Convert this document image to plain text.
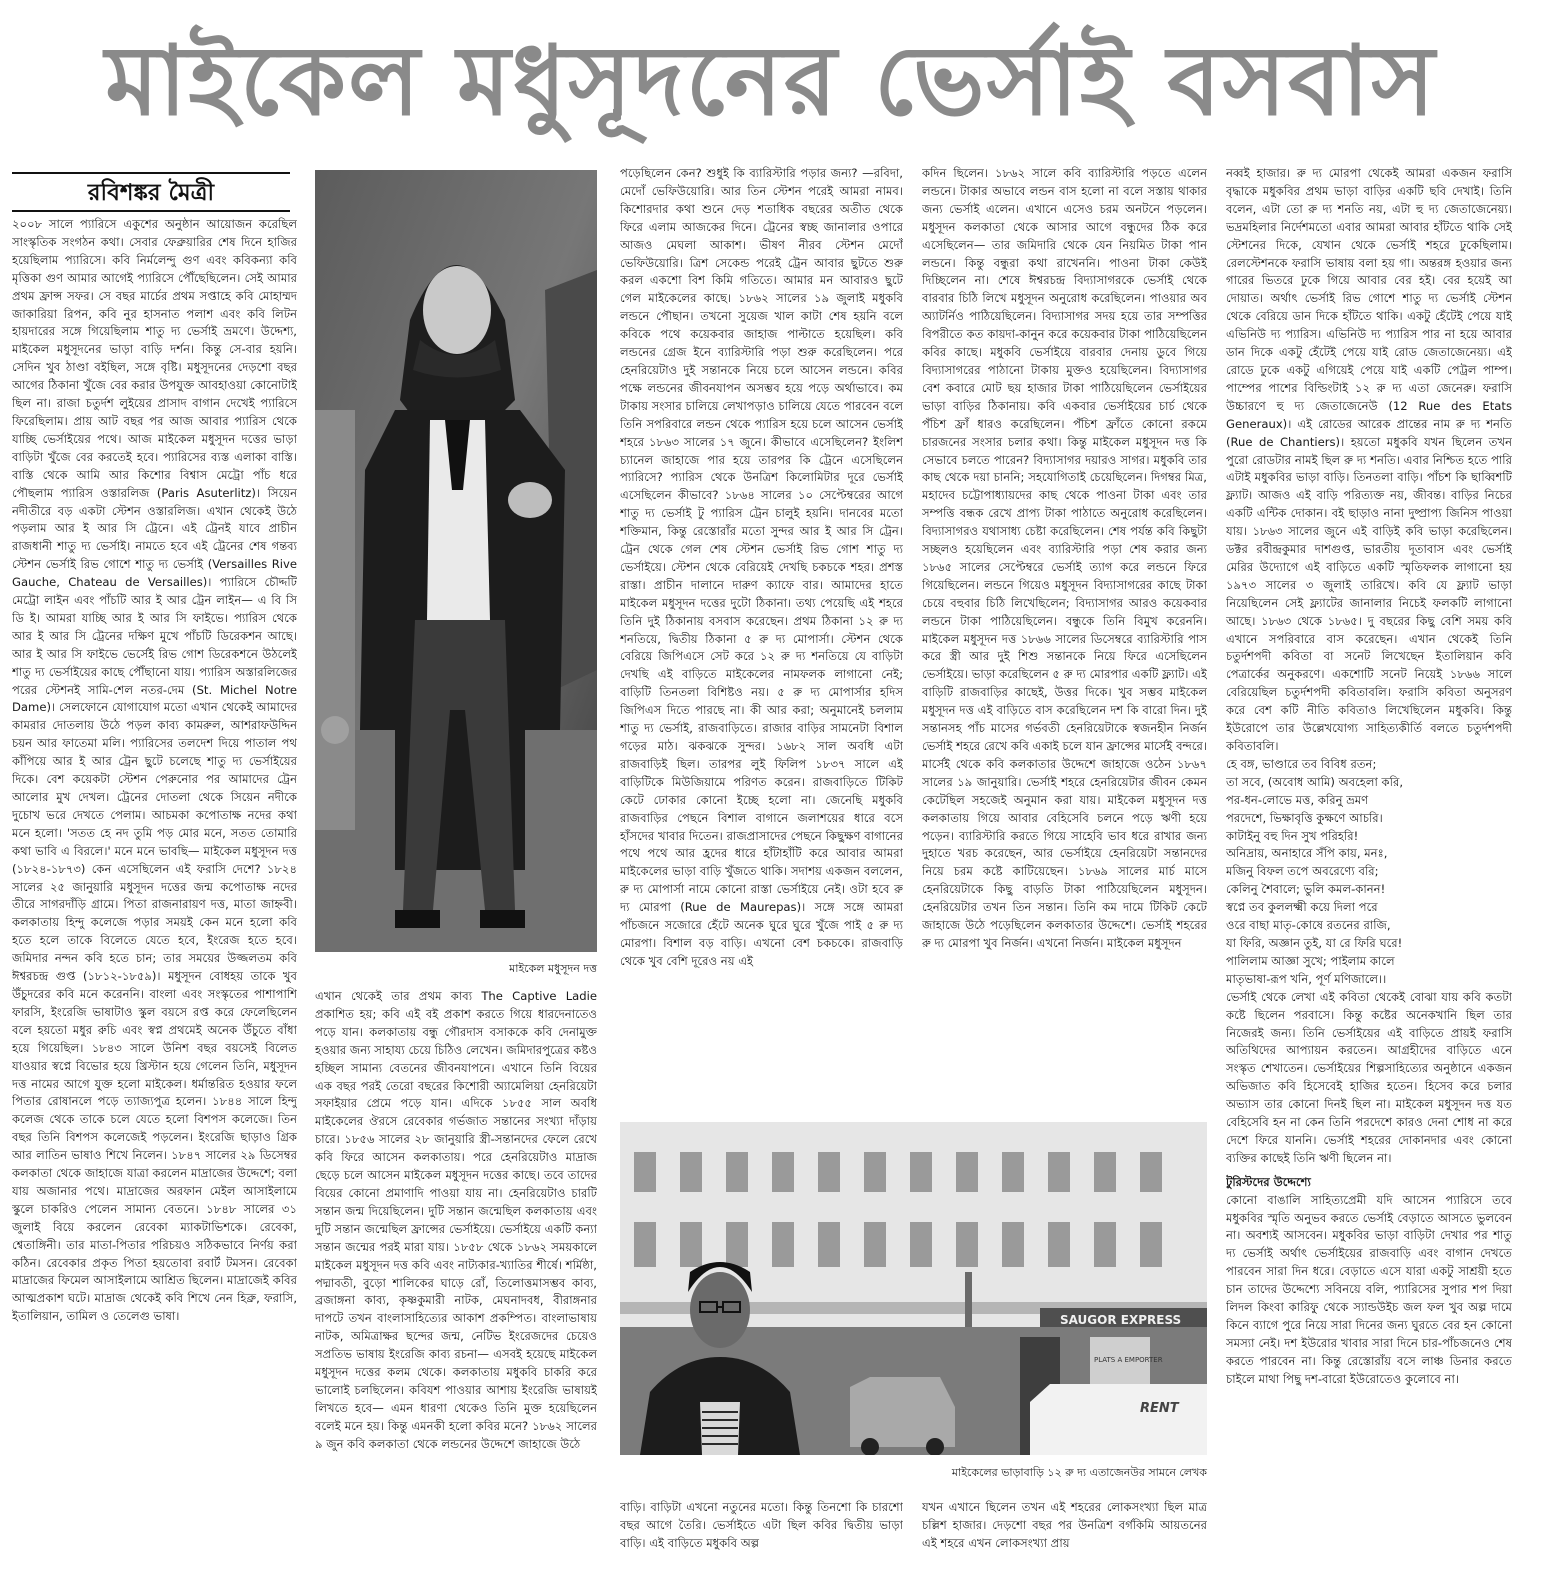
মাইকেল মধুসূদনের ভের্সাই বসবাস
রবিশঙ্কর মৈত্রী

২০০৮ সালে প্যারিসে একুশের অনুষ্ঠান আয়োজন করেছিল সাংস্কৃতিক সংগঠন কথা। সেবার ফেব্রুয়ারির শেষ দিনে হাজির হয়েছিলাম প্যারিসে। কবি নির্মলেন্দু গুণ এবং কবিকন্যা কবি মৃত্তিকা গুণ আমার আগেই প্যারিসে পৌঁছেছিলেন। সেই আমার প্রথম ফ্রান্স সফর। সে বছর মার্চের প্রথম সপ্তাহে কবি মোহাম্মদ জাকারিয়া রিপন, কবি নুর হাসনাত পলাশ এবং কবি লিটন হায়দারের সঙ্গে গিয়েছিলাম শাতু দ্য ভের্সাই ভ্রমণে। উদ্দেশ্য, মাইকেল মধুসূদনের ভাড়া বাড়ি দর্শন। কিন্তু সে-বার হয়নি। সেদিন খুব ঠাণ্ডা বইছিল, সঙ্গে বৃষ্টি। মধুসূদনের দেড়শো বছর আগের ঠিকানা খুঁজে বের করার উপযুক্ত আবহাওয়া কোনোটাই ছিল না। রাজা চতুর্দশ লুইয়ের প্রাসাদ বাগান দেখেই প্যারিসে ফিরেছিলাম। প্রায় আট বছর পর আজ আবার প্যারিস থেকে যাচ্ছি ভের্সাইয়ের পথে। আজ মাইকেল মধুসূদন দত্তের ভাড়া বাড়িটা খুঁজে বের করতেই হবে। প্যারিসের ব্যস্ত এলাকা বাস্তি। বাস্তি থেকে আমি আর কিশোর বিশ্বাস মেট্রো পাঁচ ধরে পৌছলাম প্যারিস ওস্তারলিজ (Paris Asuterlitz)। সিয়েন নদীতীরে বড় একটা স্টেশন ওস্তারলিজ। এখান থেকেই উঠে পড়লাম আর ই আর সি ট্রেনে। এই ট্রেনই যাবে প্রাচীন রাজধানী শাতু দ্য ভের্সাই। নামতে হবে এই ট্রেনের শেষ গন্তব্য স্টেশন ভের্সাই রিভ গোশে শাতু দ্য ভের্সাই (Versailles Rive Gauche, Chateau de Versailles)। প্যারিসে চৌদ্দটি মেট্রো লাইন এবং পাঁচটি আর ই আর ট্রেন লাইন— এ বি সি ডি ই। আমরা যাচ্ছি আর ই আর সি ফাইভে। প্যারিস থেকে আর ই আর সি ট্রেনের দক্ষিণ মুখে পাঁচটি ডিরেকশন আছে। আর ই আর সি ফাইভে ভের্সেই রিভ গোশ ডিরেকশনে উঠলেই শাতু দ্য ভের্সাইয়ের কাছে পৌঁছানো যায়। প্যারিস অস্তারলিজের পরের স্টেশনই সামি-শেল নতর-দেম (St. Michel Notre Dame)। সেলফোনে যোগাযোগ মতো এখান থেকেই আমাদের কামরার দোতলায় উঠে পড়ল কাব্য কামরুল, আশরাফউদ্দিন চয়ন আর ফাতেমা মলি। প্যারিসের তলদেশ দিয়ে পাতাল পথ কাঁপিয়ে আর ই আর ট্রেন ছুটে চলেছে শাতু দ্য ভের্সাইয়ের দিকে। বেশ কয়েকটা স্টেশন পেরুনোর পর আমাদের ট্রেন আলোর মুখ দেখল। ট্রেনের দোতলা থেকে সিয়েন নদীকে দুচোখ ভরে দেখতে পেলাম। আচমকা কপোতাক্ষ নদের কথা মনে হলো। 'সতত হে নদ তুমি পড় মোর মনে, সতত তোমারি কথা ভাবি এ বিরলে।' মনে মনে ভাবছি— মাইকেল মধুসূদন দত্ত (১৮২৪-১৮৭৩) কেন এসেছিলেন এই ফরাসি দেশে? ১৮২৪ সালের ২৫ জানুয়ারি মধুসূদন দত্তের জন্ম কপোতাক্ষ নদের তীরে সাগরদাঁড়ি গ্রামে। পিতা রাজনারায়ণ দত্ত, মাতা জাহ্নবী। কলকাতায় হিন্দু কলেজে পড়ার সময়ই কেন মনে হলো কবি হতে হলে তাকে বিলেতে যেতে হবে, ইংরেজ হতে হবে। জমিদার নন্দন কবি হতে চান; তার সময়ের উজ্জলতম কবি ঈশ্বরচন্দ্র গুপ্ত (১৮১২-১৮৫৯)। মধুসূদন বোধহয় তাকে খুব উঁচুদরের কবি মনে করেননি। বাংলা এবং সংস্কৃতের পাশাপাশি ফারসি, ইংরেজি ভাষাটাও স্কুল বয়সে রপ্ত করে ফেলেছিলেন বলে হয়তো মধুর রুচি এবং স্বপ্ন প্রথমেই অনেক উঁচুতে বাঁধা হয়ে গিয়েছিল। ১৮৪৩ সালে উনিশ বছর বয়সেই বিলেত যাওয়ার স্বপ্নে বিভোর হয়ে খ্রিস্টান হয়ে গেলেন তিনি, মধুসূদন দত্ত নামের আগে যুক্ত হলো মাইকেল। ধর্মান্তরিত হওয়ার ফলে পিতার রোষানলে পড়ে ত্যাজ্যপুত্র হলেন। ১৮৪৪ সালে হিন্দু কলেজ থেকে তাকে চলে যেতে হলো বিশপস কলেজে। তিন বছর তিনি বিশপস কলেজেই পড়লেন। ইংরেজি ছাড়াও গ্রিক আর লাতিন ভাষাও শিখে নিলেন। ১৮৪৭ সালের ২৯ ডিসেম্বর কলকাতা থেকে জাহাজে যাত্রা করলেন মাদ্রাজের উদ্দেশে; বলা যায় অজানার পথে। মাদ্রাজের অরফান মেইল আসাইলামে স্কুলে চাকরিও পেলেন সামান্য বেতনে। ১৮৪৮ সালের ৩১ জুলাই বিয়ে করলেন রেবেকা ম্যাকটাভিশকে। রেবেকা, শ্বেতাঙ্গিনী। তার মাতা-পিতার পরিচয়ও সঠিকভাবে নির্ণয় করা কঠিন। রেবেকার প্রকৃত পিতা হয়তোবা রবার্ট টমসন। রেবেকা মাদ্রাজের ফিমেল আসাইলামে আশ্রিত ছিলেন। মাদ্রাজেই কবির আত্মপ্রকাশ ঘটে। মাদ্রাজ থেকেই কবি শিখে নেন হিব্রু, ফরাসি, ইতালিয়ান, তামিল ও তেলেগু ভাষা।

মাইকেল মধুসূদন দত্ত

এখান থেকেই তার প্রথম কাব্য The Captive Ladie প্রকাশিত হয়; কবি এই বই প্রকাশ করতে গিয়ে ধারদেনাতেও পড়ে যান। কলকাতায় বন্ধু গৌরদাস বসাককে কবি দেনামুক্ত হওয়ার জন্য সাহায্য চেয়ে চিঠিও লেখেন। জমিদারপুত্রের কষ্টও হচ্ছিল সামান্য বেতনের জীবনযাপনে। এখানে তিনি বিয়ের এক বছর পরই তেরো বছরের কিশোরী অ্যামেলিয়া হেনরিয়েটা সফাইয়ার প্রেমে পড়ে যান। এদিকে ১৮৫৫ সাল অবধি মাইকেলের ঔরসে রেবেকার গর্ভজাত সন্তানের সংখ্যা দাঁড়ায় চারে। ১৮৫৬ সালের ২৮ জানুয়ারি স্ত্রী-সন্তানদের ফেলে রেখে কবি ফিরে আসেন কলকাতায়। পরে হেনরিয়েটাও মাদ্রাজ ছেড়ে চলে আসেন মাইকেল মধুসূদন দত্তের কাছে। তবে তাদের বিয়ের কোনো প্রমাণাদি পাওয়া যায় না। হেনরিয়েটাও চারটি সন্তান জন্ম দিয়েছিলেন। দুটি সন্তান জন্মেছিল কলকাতায় এবং দুটি সন্তান জন্মেছিল ফ্রান্সের ভের্সাইয়ে। ভের্সাইয়ে একটি কন্যা সন্তান জন্মের পরই মারা যায়। ১৮৫৮ থেকে ১৮৬২ সময়কালে মাইকেল মধুসূদন দত্ত কবি এবং নাট্যকার-খ্যাতির শীর্ষে। শর্মিষ্ঠা, পদ্মাবতী, বুড়ো শালিকের ঘাড়ে রোঁ, তিলোত্তমাসম্ভব কাব্য, ব্রজাঙ্গনা কাব্য, কৃষ্ণকুমারী নাটক, মেঘনাদবধ, বীরাঙ্গনার দাপটে তখন বাংলাসাহিত্যের আকাশ প্রকম্পিত। বাংলাভাষায় নাটক, অমিত্রাক্ষর ছন্দের জন্ম, নেটিভ ইংরেজদের চেয়েও সপ্রতিভ ভাষায় ইংরেজি কাব্য রচনা— এসবই হয়েছে মাইকেল মধুসূদন দত্তের কলম থেকে। কলকাতায় মধুকবি চাকরি করে ভালোই চলছিলেন। কবিযশ পাওয়ার আশায় ইংরেজি ভাষায়ই লিখতে হবে— এমন ধারণা থেকেও তিনি মুক্ত হয়েছিলেন বলেই মনে হয়। কিন্তু এমনকী হলো কবির মনে? ১৮৬২ সালের ৯ জুন কবি কলকাতা থেকে লন্ডনের উদ্দেশে জাহাজে উঠে

পড়েছিলেন কেন? শুধুই কি ব্যারিস্টারি পড়ার জন্য? —রবিদা, মেদোঁ ভেফিউয়োরি। আর তিন স্টেশন পরেই আমরা নামব। কিশোরদার কথা শুনে দেড় শতাধিক বছরের অতীত থেকে ফিরে এলাম আজকের দিনে। ট্রেনের স্বচ্ছ জানালার ওপারে আজও মেঘলা আকাশ। ভীষণ নীরব স্টেশন মেদোঁ ভেফিউয়োরি। ত্রিশ সেকেন্ড পরেই ট্রেন আবার ছুটতে শুরু করল একশো বিশ কিমি গতিতে। আমার মন আবারও ছুটে গেল মাইকেলের কাছে। ১৮৬২ সালের ১৯ জুলাই মধুকবি লন্ডনে পৌছান। তখনো সুয়েজ খাল কাটা শেষ হয়নি বলে কবিকে পথে কয়েকবার জাহাজ পাল্টাতে হয়েছিল। কবি লন্ডনের গ্রেজ ইনে ব্যারিস্টারি পড়া শুরু করেছিলেন। পরে হেনরিয়েটাও দুই সন্তানকে নিয়ে চলে আসেন লন্ডনে। কবির পক্ষে লন্ডনের জীবনযাপন অসম্ভব হয়ে পড়ে অর্থাভাবে। কম টাকায় সংসার চালিয়ে লেখাপড়াও চালিয়ে যেতে পারবেন বলে তিনি সপরিবারে লন্ডন থেকে প্যারিস হয়ে চলে আসেন ভের্সাই শহরে ১৮৬৩ সালের ১৭ জুনে। কীভাবে এসেছিলেন? ইংলিশ চ্যানেল জাহাজে পার হয়ে তারপর কি ট্রেনে এসেছিলেন প্যারিসে? প্যারিস থেকে উনত্রিশ কিলোমিটার দূরে ভের্সাই এসেছিলেন কীভাবে? ১৮৬৪ সালের ১০ সেপ্টেম্বরের আগে শাতু দ্য ভের্সাই টু প্যারিস ট্রেন চালুই হয়নি। দানবের মতো শক্তিমান, কিন্তু রেস্তোরাঁর মতো সুন্দর আর ই আর সি ট্রেন। ট্রেন থেকে গেল শেষ স্টেশন ভের্সাই রিভ গোশ শাতু দ্য ভের্সাইয়ে। স্টেশন থেকে বেরিয়েই দেখছি চকচকে শহর। প্রশস্ত রাস্তা। প্রাচীন দালানে দারুণ ক্যাফে বার। আমাদের হাতে মাইকেল মধুসূদন দত্তের দুটো ঠিকানা। তথ্য পেয়েছি এই শহরে তিনি দুই ঠিকানায় বসবাস করেছেন। প্রথম ঠিকানা ১২ রু দ্য শনতিয়ে, দ্বিতীয় ঠিকানা ৫ রু দ্য মোপার্সা। স্টেশন থেকে বেরিয়ে জিপিএসে সেট করে ১২ রু দ্য শনতিয়ে যে বাড়িটা দেখছি এই বাড়িতে মাইকেলের নামফলক লাগানো নেই; বাড়িটি তিনতলা বিশিষ্টও নয়। ৫ রু দ্য মোপার্সার হদিস জিপিএস দিতে পারছে না। কী আর করা; অনুমানেই চললাম শাতু দ্য ভের্সাই, রাজবাড়িতে। রাজার বাড়ির সামনেটা বিশাল গড়ের মাঠ। ঝকঝকে সুন্দর। ১৬৮২ সাল অবধি এটা রাজবাড়িই ছিল। তারপর লুই ফিলিপ ১৮৩৭ সালে এই বাড়িটিকে মিউজিয়ামে পরিণত করেন। রাজবাড়িতে টিকিট কেটে ঢোকার কোনো ইচ্ছে হলো না। জেনেছি মধুকবি রাজবাড়ির পেছনে বিশাল বাগানে জলাশয়ের ধারে বসে হাঁসদের খাবার দিতেন। রাজপ্রাসাদের পেছনে কিছুক্ষণ বাগানের পথে পথে আর হ্রদের ধারে হাঁটাহাঁটি করে আবার আমরা মাইকেলের ভাড়া বাড়ি খুঁজতে থাকি। সদাশয় একজন বললেন, রু দ্য মোপার্সা নামে কোনো রাস্তা ভের্সাইয়ে নেই। ওটা হবে রু দ্য মোরপা (Rue de Maurepas)। সঙ্গে সঙ্গে আমরা পাঁচজনে সজোরে হেঁটে অনেক ঘুরে ঘুরে খুঁজে পাই ৫ রু দ্য মোরপা। বিশাল বড় বাড়ি। এখনো বেশ চকচকে। রাজবাড়ি থেকে খুব বেশি দূরেও নয় এই

কদিন ছিলেন। ১৮৬২ সালে কবি ব্যারিস্টারি পড়তে এলেন লন্ডনে। টাকার অভাবে লন্ডন বাস হলো না বলে সস্তায় থাকার জন্য ভের্সাই এলেন। এখানে এসেও চরম অনটনে পড়লেন। মধুসূদন কলকাতা থেকে আসার আগে বন্ধুদের ঠিক করে এসেছিলেন— তার জমিদারি থেকে যেন নিয়মিত টাকা পান লন্ডনে। কিন্তু বন্ধুরা কথা রাখেননি। পাওনা টাকা কেউই দিচ্ছিলেন না। শেষে ঈশ্বরচন্দ্র বিদ্যাসাগরকে ভের্সাই থেকে বারবার চিঠি লিখে মধুসূদন অনুরোধ করেছিলেন। পাওয়ার অব অ্যাটর্নিও পাঠিয়েছিলেন। বিদ্যাসাগর সদয় হয়ে তার সম্পত্তির বিপরীতে কত কায়দা-কানুন করে কয়েকবার টাকা পাঠিয়েছিলেন কবির কাছে। মধুকবি ভের্সাইয়ে বারবার দেনায় ডুবে গিয়ে বিদ্যাসাগরের পাঠানো টাকায় মুক্তও হয়েছিলেন। বিদ্যাসাগর বেশ কবারে মোট ছয় হাজার টাকা পাঠিয়েছিলেন ভের্সাইয়ের ভাড়া বাড়ির ঠিকানায়। কবি একবার ভের্সাইয়ের চার্চ থেকে পঁচিশ ফ্রাঁ ধারও করেছিলেন। পঁচিশ ফ্রাঁতে কোনো রকমে চারজনের সংসার চলার কথা। কিন্তু মাইকেল মধুসূদন দত্ত কি সেভাবে চলতে পারেন? বিদ্যাসাগর দয়ারও সাগর। মধুকবি তার কাছ থেকে দয়া চাননি; সহযোগিতাই চেয়েছিলেন। দিগম্বর মিত্র, মহাদেব চট্টোপাধ্যায়দের কাছ থেকে পাওনা টাকা এবং তার সম্পত্তি বন্ধক রেখে প্রাপ্য টাকা পাঠাতে অনুরোধ করেছিলেন। বিদ্যাসাগরও যথাসাধ্য চেষ্টা করেছিলেন। শেষ পর্যন্ত কবি কিছুটা সচ্ছলও হয়েছিলেন এবং ব্যারিস্টারি পড়া শেষ করার জন্য ১৮৬৫ সালের সেপ্টেম্বরে ভের্সাই ত্যাগ করে লন্ডনে ফিরে গিয়েছিলেন। লন্ডনে গিয়েও মধুসূদন বিদ্যাসাগরের কাছে টাকা চেয়ে বহুবার চিঠি লিখেছিলেন; বিদ্যাসাগর আরও কয়েকবার লন্ডনে টাকা পাঠিয়েছিলেন। বন্ধুকে তিনি বিমুখ করেননি। মাইকেল মধুসূদন দত্ত ১৮৬৬ সালের ডিসেম্বরে ব্যারিস্টারি পাস করে স্ত্রী আর দুই শিশু সন্তানকে নিয়ে ফিরে এসেছিলেন ভের্সাইয়ে। ভাড়া করেছিলেন ৫ রু দ্য মোরপার একটি ফ্ল্যাট। এই বাড়িটি রাজবাড়ির কাছেই, উত্তর দিকে। খুব সম্ভব মাইকেল মধুসূদন দত্ত এই বাড়িতে বাস করেছিলেন দশ কি বারো দিন। দুই সন্তানসহ পাঁচ মাসের গর্ভবতী হেনরিয়েটাকে স্বজনহীন নির্জন ভের্সাই শহরে রেখে কবি একাই চলে যান ফ্রান্সের মার্সেই বন্দরে। মার্সেই থেকে কবি কলকাতার উদ্দেশে জাহাজে ওঠেন ১৮৬৭ সালের ১৯ জানুয়ারি। ভের্সাই শহরে হেনরিয়েটার জীবন কেমন কেটেছিল সহজেই অনুমান করা যায়। মাইকেল মধুসূদন দত্ত কলকাতায় গিয়ে আবার বেহিসেবি চলনে পড়ে ঋণী হয়ে পড়েন। ব্যারিস্টারি করতে গিয়ে সাহেবি ভাব ধরে রাখার জন্য দুহাতে খরচ করেছেন, আর ভের্সাইয়ে হেনরিয়েটা সন্তানদের নিয়ে চরম কষ্টে কাটিয়েছেন। ১৮৬৯ সালের মার্চ মাসে হেনরিয়েটাকে কিছু বাড়তি টাকা পাঠিয়েছিলেন মধুসূদন। হেনরিয়েটার তখন তিন সন্তান। তিনি কম দামে টিকিট কেটে জাহাজে উঠে পড়েছিলেন কলকাতার উদ্দেশে। ভের্সাই শহরের রু দ্য মোরপা খুব নির্জন। এখনো নির্জন। মাইকেল মধুসূদন

SAUGOR EXPRESS
PLATS A EMPORTER
RENT
মাইকেলের ভাড়াবাড়ি ১২ রু দ্য এতাজেনউর সামনে লেখক

বাড়ি। বাড়িটা এখনো নতুনের মতো। কিন্তু তিনশো কি চারশো বছর আগে তৈরি। ভের্সাইতে এটা ছিল কবির দ্বিতীয় ভাড়া বাড়ি। এই বাড়িতে মধুকবি অল্প

যখন এখানে ছিলেন তখন এই শহরের লোকসংখ্যা ছিল মাত্র চল্লিশ হাজার। দেড়শো বছর পর উনত্রিশ বর্গকিমি আয়তনের এই শহরে এখন লোকসংখ্যা প্রায়

নব্বই হাজার। রু দ্য মোরপা থেকেই আমরা একজন ফরাসি বৃদ্ধাকে মধুকবির প্রথম ভাড়া বাড়ির একটি ছবি দেখাই। তিনি বলেন, এটা তো রু দ্য শনতি নয়, এটা হু দ্য জেতাজেনেয়্য। ভদ্রমহিলার নির্দেশমতো এবার আমরা আবার হাঁটতে থাকি সেই স্টেশনের দিকে, যেখান থেকে ভের্সাই শহরে ঢুকেছিলাম। রেলস্টেশনকে ফরাসি ভাষায় বলা হয় গা। অন্তরঙ্গ হওয়ার জন্য গারের ভিতরে ঢুকে গিয়ে আবার বের হই। বের হয়েই আ দোয়াত। অর্থাৎ ভের্সাই রিভ গোশে শাতু দ্য ভের্সাই স্টেশন থেকে বেরিয়ে ডান দিকে হাঁটতে থাকি। একটু হেঁটেই পেয়ে যাই এভিনিউ দ্য প্যারিস। এভিনিউ দ্য প্যারিস পার না হয়ে আবার ডান দিকে একটু হেঁটেই পেয়ে যাই রোড জেতাজেনেয়্য। এই রোডে ঢুকে একটু এগিয়েই পেয়ে যাই একটি পেট্রল পাম্প। পাম্পের পাশের বিল্ডিংটাই ১২ রু দ্য এতা জেনেরু। ফরাসি উচ্চারণে হু দ্য জেতাজেনেউ (12 Rue des Etats Generaux)। এই রোডের আরেক প্রান্তের নাম রু দ্য শনতি (Rue de Chantiers)। হয়তো মধুকবি যখন ছিলেন তখন পুরো রোডটার নামই ছিল রু দ্য শনতি। এবার নিশ্চিত হতে পারি এটাই মধুকবির ভাড়া বাড়ি। তিনতলা বাড়ি। পাঁচশ কি ছাব্বিশটি ফ্ল্যাট। আজও এই বাড়ি পরিত্যক্ত নয়, জীবন্ত। বাড়ির নিচের একটি এন্টিক দোকান। বই ছাড়াও নানা দুষ্প্রাপ্য জিনিস পাওয়া যায়। ১৮৬৩ সালের জুনে এই বাড়িই কবি ভাড়া করেছিলেন। ডক্টর রবীন্দ্রকুমার দাশগুপ্ত, ভারতীয় দূতাবাস এবং ভের্সাই মেরির উদ্যোগে এই বাড়িতে একটি স্মৃতিফলক লাগানো হয় ১৯৭৩ সালের ৩ জুলাই তারিখে। কবি যে ফ্ল্যাট ভাড়া নিয়েছিলেন সেই ফ্ল্যাটের জানালার নিচেই ফলকটি লাগানো আছে। ১৮৬৩ থেকে ১৮৬৫। দু বছরের কিছু বেশি সময় কবি এখানে সপরিবারে বাস করেছেন। এখান থেকেই তিনি চতুর্দশপদী কবিতা বা সনেট লিখেছেন ইতালিয়ান কবি পেত্রার্কের অনুকরণে। একশোটি সনেট নিয়েই ১৮৬৬ সালে বেরিয়েছিল চতুর্দশপদী কবিতাবলি। ফরাসি কবিতা অনুসরণ করে বেশ কটি নীতি কবিতাও লিখেছিলেন মধুকবি। কিন্তু ইউরোপে তার উল্লেখযোগ্য সাহিত্যকীর্তি বলতে চতুর্দশপদী কবিতাবলি।

হে বঙ্গ, ভাণ্ডারে তব বিবিধ রতন;
তা সবে, (অবোধ আমি) অবহেলা করি,
পর-ধন-লোভে মত্ত, করিনু ভ্রমণ
পরদেশে, ভিক্ষাবৃত্তি কুক্ষণে আচরি।
কাটাইনু বহু দিন সুখ পরিহরি!
অনিদ্রায়, অনাহারে সঁপি কায়, মনঃ,
মজিনু বিফল তপে অবরেণ্যে বরি;
কেলিনু শৈবালে; ভুলি কমল-কানন!
স্বপ্নে তব কুললক্ষ্মী কয়ে দিলা পরে
ওরে বাছা মাতৃ-কোষে রতনের রাজি,
যা ফিরি, অজ্ঞান তুই, যা রে ফিরি ঘরে!
পালিলাম আজ্ঞা সুখে; পাইলাম কালে
মাতৃভাষা-রূপ খনি, পূর্ণ মণিজালে।।

ভের্সাই থেকে লেখা এই কবিতা থেকেই বোঝা যায় কবি কতটা কষ্টে ছিলেন পরবাসে। কিন্তু কষ্টের অনেকখানি ছিল তার নিজেরই জন্য। তিনি ভের্সাইয়ের এই বাড়িতে প্রায়ই ফরাসি অতিথিদের আপ্যায়ন করতেন। আগ্রহীদের বাড়িতে এনে সংস্কৃত শেখাতেন। ভের্সাইয়ের শিল্পসাহিত্যের অনুষ্ঠানে একজন অভিজাত কবি হিসেবেই হাজির হতেন। হিসেব করে চলার অভ্যাস তার কোনো দিনই ছিল না। মাইকেল মধুসূদন দত্ত যত বেহিসেবি হন না কেন তিনি পরদেশে কারও দেনা শোধ না করে দেশে ফিরে যাননি। ভের্সাই শহরের দোকানদার এবং কোনো ব্যক্তির কাছেই তিনি ঋণী ছিলেন না।

টুরিস্টদের উদ্দেশ্যে

কোনো বাঙালি সাহিত্যপ্রেমী যদি আসেন প্যারিসে তবে মধুকবির স্মৃতি অনুভব করতে ভের্সাই বেড়াতে আসতে ভুলবেন না। অবশ্যই আসবেন। মধুকবির ভাড়া বাড়িটা দেখার পর শাতু দ্য ভের্সাই অর্থাৎ ভের্সাইয়ের রাজবাড়ি এবং বাগান দেখতে পারবেন সারা দিন ধরে। বেড়াতে এসে যারা একটু সাশ্রয়ী হতে চান তাদের উদ্দেশ্যে সবিনয়ে বলি, প্যারিসের সুপার শপ দিয়া লিদল কিংবা কারিফু থেকে স্যান্ডউইচ জল ফল খুব অল্প দামে কিনে ব্যাগে পুরে নিয়ে সারা দিনের জন্য ঘুরতে বের হন কোনো সমস্যা নেই। দশ ইউরোর খাবার সারা দিনে চার-পাঁচজনেও শেষ করতে পারবেন না। কিন্তু রেস্তোরাঁয় বসে লাঞ্চ ডিনার করতে চাইলে মাথা পিছু দশ-বারো ইউরোতেও কুলোবে না।
